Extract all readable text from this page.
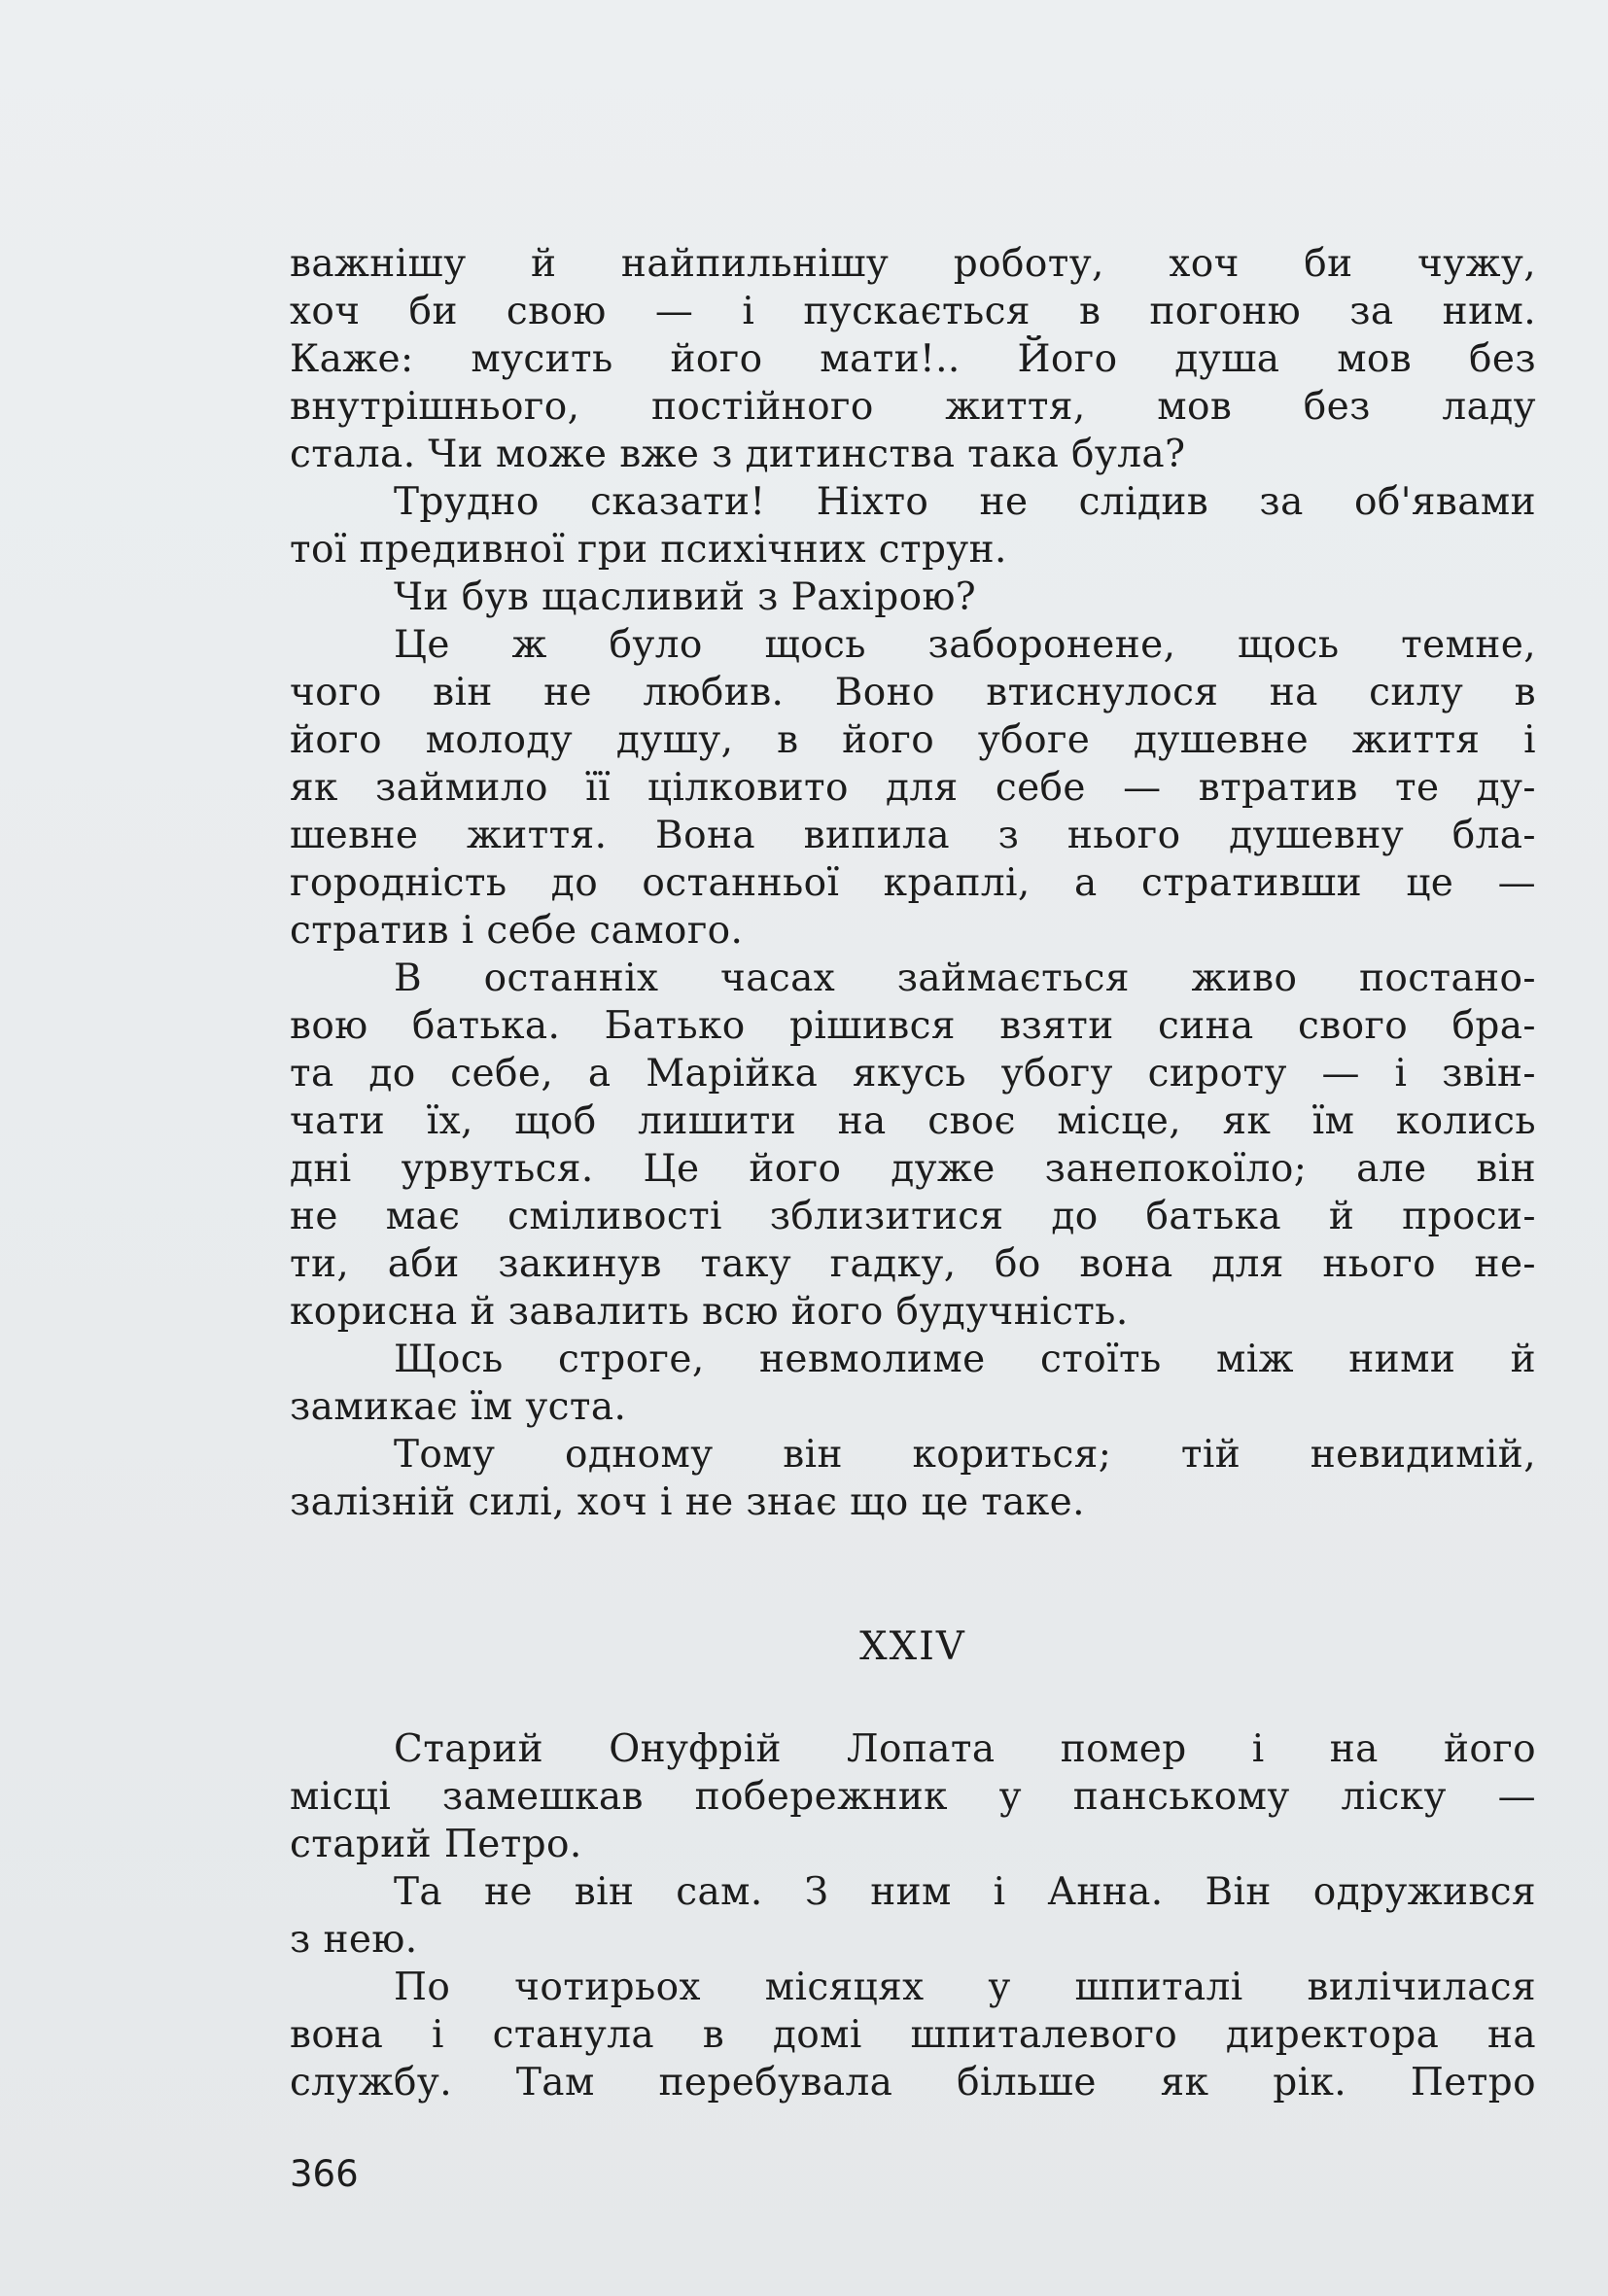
важнішу й найпильнішу роботу, хоч би чужу,
хоч би свою — і пускається в погоню за ним.
Каже: мусить його мати!.. Його душа мов без
внутрішнього, постійного життя, мов без ладу
стала. Чи може вже з дитинства така була?
Трудно сказати! Ніхто не слідив за об'явами
тої предивної гри психічних струн.
Чи був щасливий з Рахірою?
Це ж було щось заборонене, щось темне,
чого він не любив. Воно втиснулося на силу в
його молоду душу, в його убоге душевне життя і
як займило її цілковито для себе — втратив те ду-
шевне життя. Вона випила з нього душевну бла-
городність до останньої краплі, а стративши це —
стратив і себе самого.
В останніх часах займається живо постано-
вою батька. Батько рішився взяти сина свого бра-
та до себе, а Марійка якусь убогу сироту — і звін-
чати їх, щоб лишити на своє місце, як їм колись
дні урвуться. Це його дуже занепокоїло; але він
не має сміливості зблизитися до батька й проси-
ти, аби закинув таку гадку, бо вона для нього не-
корисна й завалить всю його будучність.
Щось строге, невмолиме стоїть між ними й
замикає їм уста.
Тому одному він кориться; тій невидимій,
залізній силі, хоч і не знає що це таке.
XXIV
Старий Онуфрій Лопата помер і на його
місці замешкав побережник у панському ліску —
старий Петро.
Та не він сам. З ним і Анна. Він одружився
з нею.
По чотирьох місяцях у шпиталі вилічилася
вона і станула в домі шпиталевого директора на
службу. Там перебувала більше як рік. Петро
366
